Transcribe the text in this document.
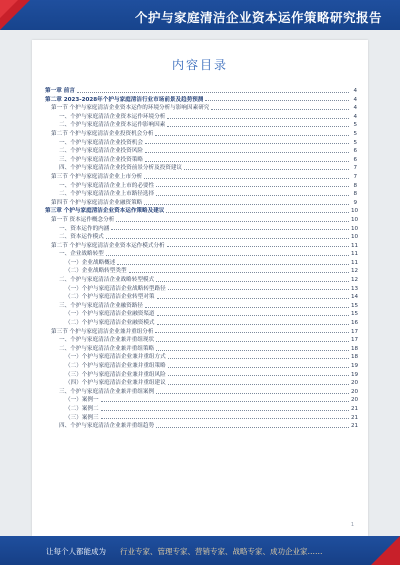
个护与家庭清洁企业资本运作策略研究报告
内容目录
第一章 前言	4
第二章 2023-2028年个护与家庭清洁行业市场前景及趋势预测	4
第一节 个护与家庭清洁企业资本运作的环境分析与影响因素研究	4
一、个护与家庭清洁企业资本运作环境分析	4
二、个护与家庭清洁企业资本运作影响因素	5
第二节 个护与家庭清洁企业投资机会分析	5
一、个护与家庭清洁企业投资机会	5
二、个护与家庭清洁企业投资风险	6
三、个护与家庭清洁企业投资策略	6
四、个护与家庭清洁企业投资前景分析及投资建议	7
第三节 个护与家庭清洁企业上市分析	7
一、个护与家庭清洁企业上市的必要性	8
二、个护与家庭清洁企业上市路径选择	8
第四节 个护与家庭清洁企业融资策略	9
第三章 个护与家庭清洁企业资本运作策略及建议	10
第一节 资本运作概念分析	10
一、资本运作的内涵	10
二、资本运作模式	10
第二节 个护与家庭清洁企业资本运作模式分析	11
一、企业战略转型	11
（一）企业战略概述	11
（二）企业战略转型类型	12
二、个护与家庭清洁企业战略转型模式	12
（一）个护与家庭清洁企业战略转型路径	13
（二）个护与家庭清洁企业转型对策	14
三、个护与家庭清洁企业融资路径	15
（一）个护与家庭清洁企业融资渠道	15
（二）个护与家庭清洁企业融资模式	16
第三节 个护与家庭清洁企业兼并重组分析	17
一、个护与家庭清洁企业兼并重组现状	17
二、个护与家庭清洁企业兼并重组策略	18
（一）个护与家庭清洁企业兼并重组方式	18
（二）个护与家庭清洁企业兼并重组策略	19
（三）个护与家庭清洁企业兼并重组风险	19
（四）个护与家庭清洁企业兼并重组建议	20
三、个护与家庭清洁企业兼并重组案例	20
（一）案例一	20
（二）案例二	21
（三）案例三	21
四、个护与家庭清洁企业兼并重组趋势	21
1
让每个人都能成为 行业专家、管理专家、营销专家、战略专家、成功企业家……
